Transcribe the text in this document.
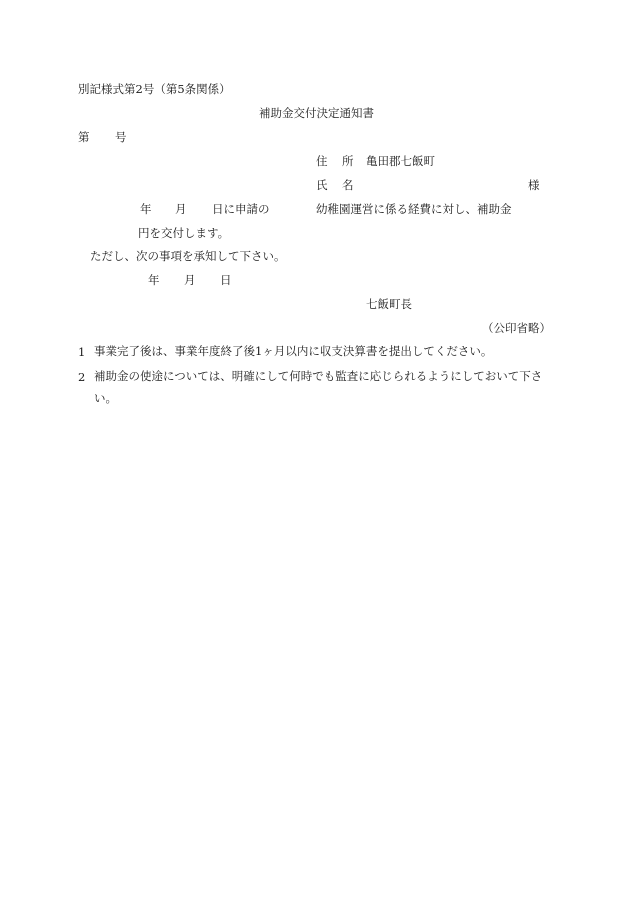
別記様式第2号（第5条関係）
補助金交付決定通知書
第 号
住 所 亀田郡七飯町
氏 名	様
年 月 日に申請の	幼稚園運営に係る経費に対し、補助金
円を交付します。
ただし、次の事項を承知して下さい。
年 月 日
七飯町長
（公印省略）
1 事業完了後は、事業年度終了後1ヶ月以内に収支決算書を提出してください。
2 補助金の使途については、明確にして何時でも監査に応じられるようにしておいて下さい。
